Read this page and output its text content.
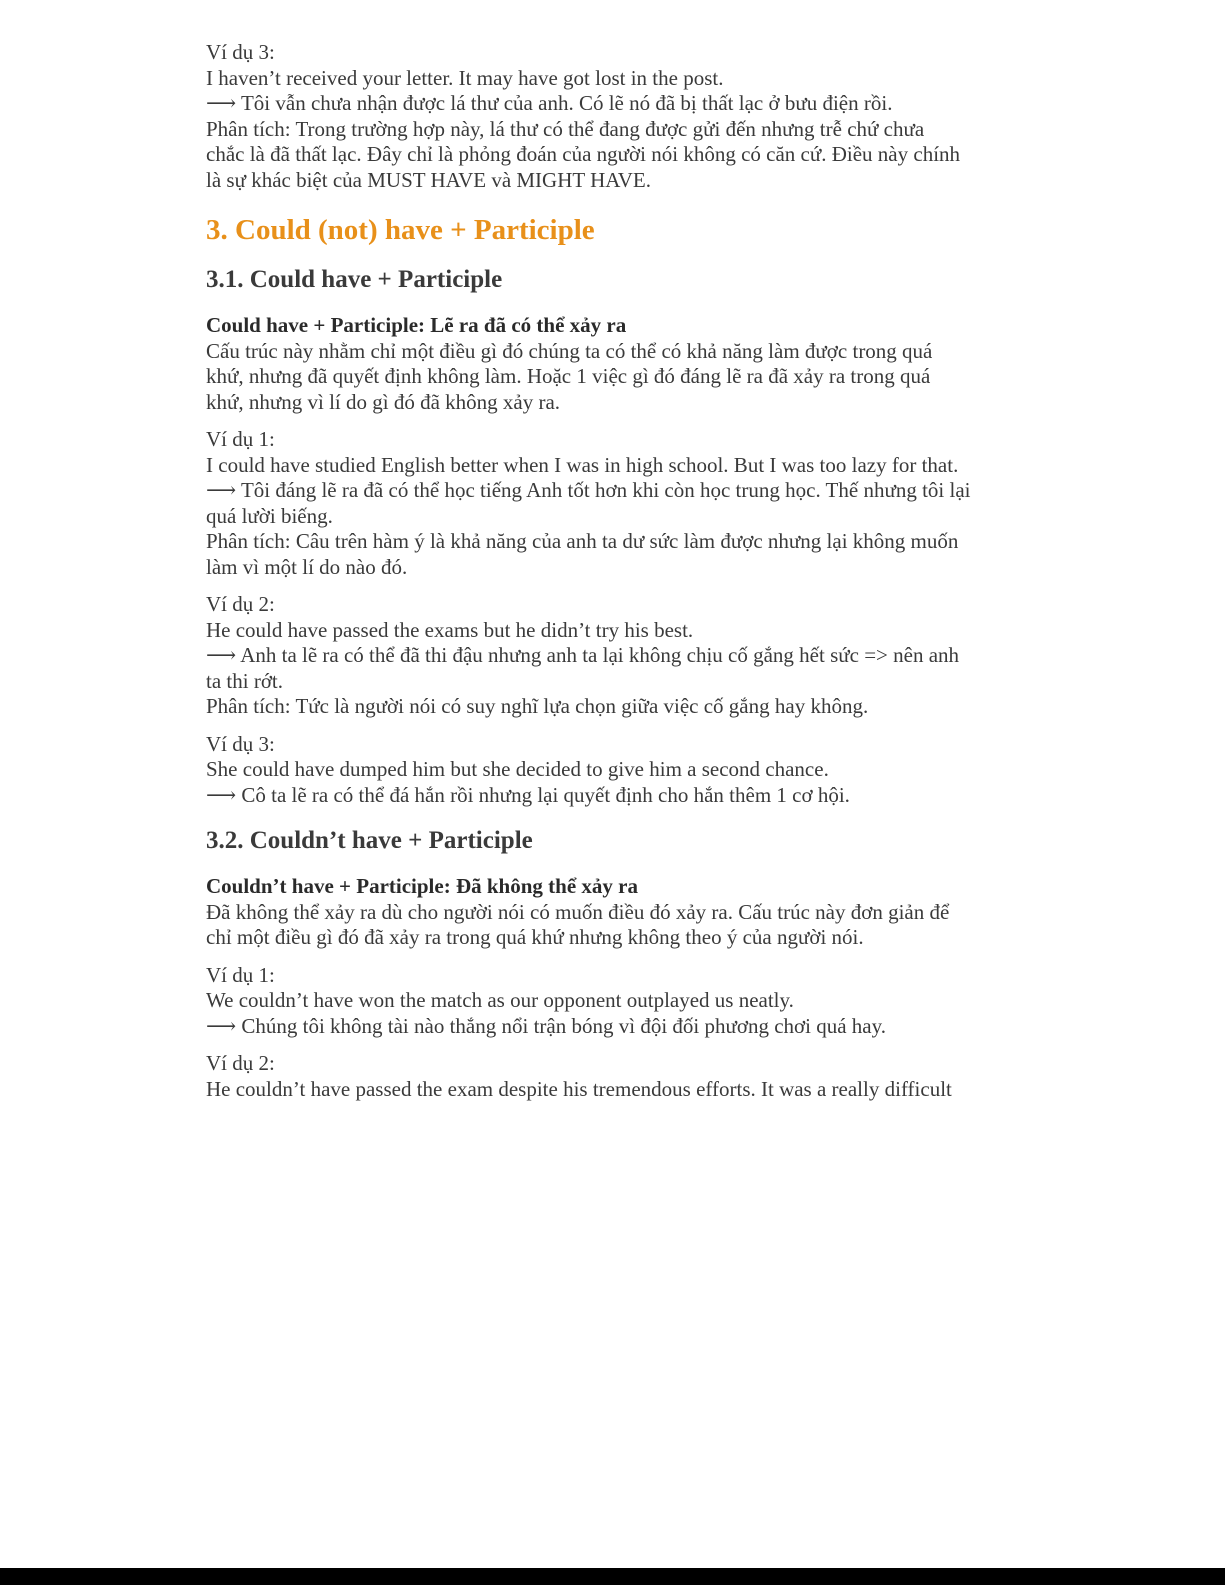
Ví dụ 3:

I haven’t received your letter. It may have got lost in the post.

⟶ Tôi vẫn chưa nhận được lá thư của anh. Có lẽ nó đã bị thất lạc ở bưu điện rồi.

Phân tích: Trong trường hợp này, lá thư có thể đang được gửi đến nhưng trễ chứ chưa

chắc là đã thất lạc. Đây chỉ là phỏng đoán của người nói không có căn cứ. Điều này chính

là sự khác biệt của MUST HAVE và MIGHT HAVE.

3. Could (not) have + Participle
3.1. Could have + Participle

Could have + Participle: Lẽ ra đã có thể xảy ra

Cấu trúc này nhằm chỉ một điều gì đó chúng ta có thể có khả năng làm được trong quá

khứ, nhưng đã quyết định không làm. Hoặc 1 việc gì đó đáng lẽ ra đã xảy ra trong quá

khứ, nhưng vì lí do gì đó đã không xảy ra.

Ví dụ 1:

I could have studied English better when I was in high school. But I was too lazy for that.

⟶ Tôi đáng lẽ ra đã có thể học tiếng Anh tốt hơn khi còn học trung học. Thế nhưng tôi lại

quá lười biếng.

Phân tích: Câu trên hàm ý là khả năng của anh ta dư sức làm được nhưng lại không muốn

làm vì một lí do nào đó.

Ví dụ 2:

He could have passed the exams but he didn’t try his best.

⟶ Anh ta lẽ ra có thể đã thi đậu nhưng anh ta lại không chịu cố gắng hết sức => nên anh

ta thi rớt.

Phân tích: Tức là người nói có suy nghĩ lựa chọn giữa việc cố gắng hay không.

Ví dụ 3:

She could have dumped him but she decided to give him a second chance.

⟶ Cô ta lẽ ra có thể đá hắn rồi nhưng lại quyết định cho hắn thêm 1 cơ hội.

3.2. Couldn’t have + Participle

Couldn’t have + Participle: Đã không thể xảy ra

Đã không thể xảy ra dù cho người nói có muốn điều đó xảy ra. Cấu trúc này đơn giản để

chỉ một điều gì đó đã xảy ra trong quá khứ nhưng không theo ý của người nói.

Ví dụ 1:

We couldn’t have won the match as our opponent outplayed us neatly.

⟶ Chúng tôi không tài nào thắng nổi trận bóng vì đội đối phương chơi quá hay.

Ví dụ 2:

He couldn’t have passed the exam despite his tremendous efforts. It was a really difficult
